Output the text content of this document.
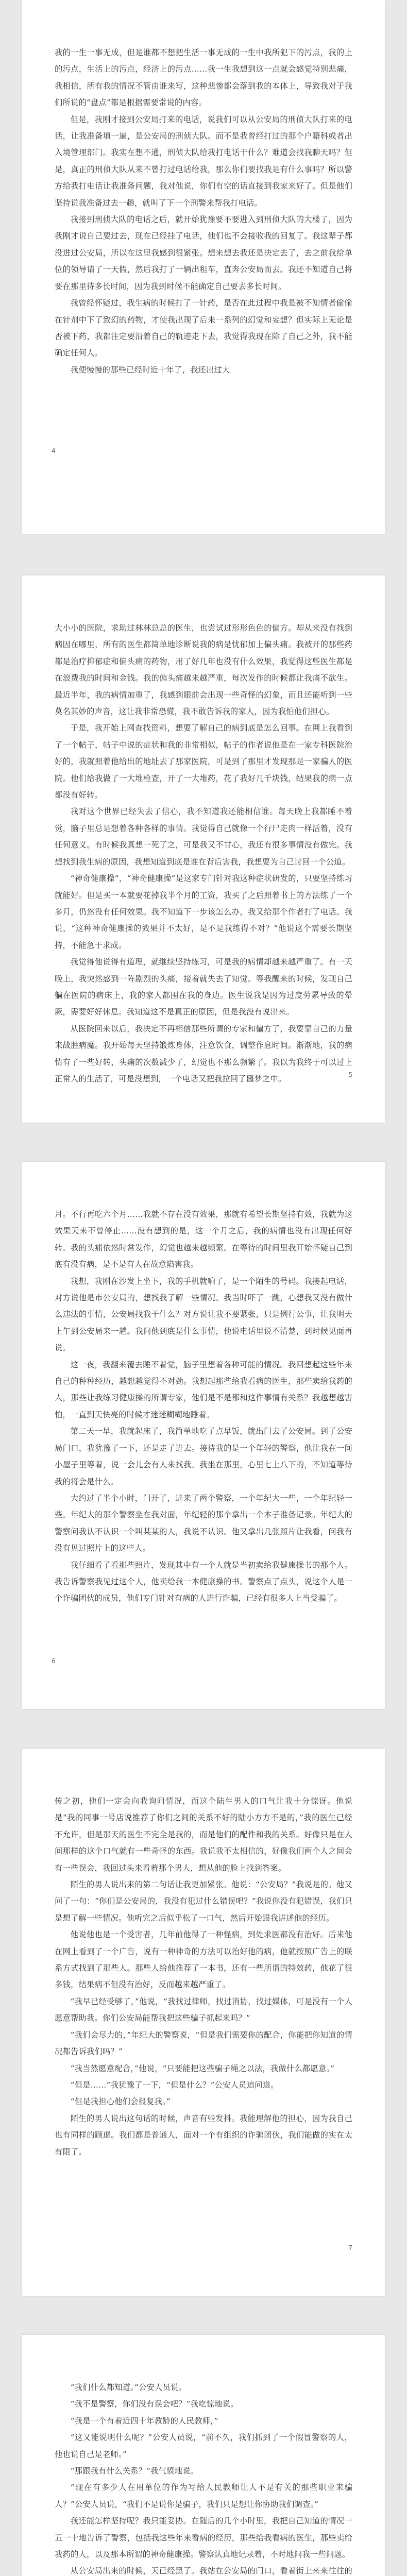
我的一生一事无成，但是谁都不想把生活一事无成的一生中我所犯下的污点，我的上的污点，生活上的污点，经济上的污点……我一生我想到这一点就会感觉特别悲痛，我相信，所有我的情况不管由谁来写，这种悲惨都会落到我的本体上，导致我对于我们所说的“盘点”都是根据需要常说的内容。

但是，我刚才接到公安局打来的电话，说我们可以从公安局的刑侦大队打来的电话，让我准备填一遍，是公安局的刑侦大队。而不是我曾经打过的那个户籍科或者出入境管理部门。我实在想不通，刑侦大队给我打电话干什么？难道会找我聊天吗？但是，真正的刑侦大队从来不曾打过电话给我，那么你们要找我是有什么事吗？所以警方给我打电话让我准备问题，我对他说，你们有空的话直接到我家来好了。但是他们坚持说我准备过去一趟，就叫了下一个刑警来帮我打电话。

我接到刑侦大队的电话之后，就开始犹豫要不要进入到刑侦大队的大楼了，因为我刚才说自己要过去，现在已经挂了电话，他们也不会接收我的回复了。我这辈子都没进过公安局，所以在这里我感到很紧张。想来想去我还是决定去了，去之前我给单位的领导请了一天假，然后我打了一辆出租车，直奔公安局而去。我还不知道自己将要在那里待多长时间，因为我到时候不能确定自己要去多长时间。

我曾经怀疑过，我生病的时候打了一针药，是否在此过程中我是被不知情者偷偷在针剂中下了致幻的药物，才使我出现了后来一系列的幻觉和妄想？但实际上无论是否被下药，我都注定要沿着自己的轨迹走下去，我觉得我现在除了自己之外，我不能确定任何人。

我便慢慢的那些已经时近十年了，我还出过大

4

大小小的医院，求助过林林总总的医生，也尝试过形形色色的偏方。却从来没有找到病因在哪里，所有的医生都简单地诊断说我的病是忧郁加上偏头痛。我被开的那些药都是治疗抑郁症和偏头痛的药物，用了好几年也没有什么效果，我觉得这些医生都是在浪费我的时间和金钱。我的偏头痛越来越严重，每次发作的时候都让我痛不欲生。最近半年，我的病情加重了，我感到眼前会出现一些奇怪的幻象，而且还能听到一些莫名其妙的声音，这让我非常恐慌，我不敢告诉我的家人，因为我怕他们担心。

于是，我开始上网查找资料，想要了解自己的病到底是怎么回事。在网上我看到了一个帖子，帖子中说的症状和我的非常相似，帖子的作者说他是在一家专科医院治好的，我就照着他给出的地址去了那家医院，可是到了那里才发现那是一家骗人的医院。他们给我做了一大堆检查，开了一大堆药，花了我好几千块钱，结果我的病一点都没有好转。

我对这个世界已经失去了信心，我不知道我还能相信谁。每天晚上我都睡不着觉，脑子里总是想着各种各样的事情。我觉得自己就像一个行尸走肉一样活着，没有任何意义。有时候我真想一死了之，可是我又不甘心，我还有很多事情没有做完。我想找到我生病的原因，我想知道到底是谁在背后害我，我想要为自己讨回一个公道。

“神奇健康操”，“神奇健康操”是这家专门针对我这种症状研发的，只要坚持练习就能好。但是买一本就要花掉我半个月的工资，我买了之后照着书上的方法练了一个多月，仍然没有任何效果。我不知道下一步该怎么办，我又给那个作者打了电话。我说，“这种神奇健康操的效果并不太好，是不是我练得不对？”他说这个需要长期坚持，不能急于求成。

我觉得他说得有道理，就继续坚持练习，可是我的病情却越来越严重了。有一天晚上，我突然感到一阵剧烈的头痛，接着就失去了知觉。等我醒来的时候，发现自己躺在医院的病床上，我的家人都围在我的身边。医生说我是因为过度劳累导致的晕厥，需要好好休息。我知道这不是真正的原因，但是我没有说出来。

从医院回来以后，我决定不再相信那些所谓的专家和偏方了，我要靠自己的力量来战胜病魔。我开始每天坚持锻炼身体，注意饮食，调整作息时间。渐渐地，我的病情有了一些好转，头痛的次数减少了，幻觉也不那么频繁了。我以为我终于可以过上正常人的生活了，可是没想到，一个电话又把我拉回了噩梦之中。	5

月。不行再吃六个月……我就不存在没有效果，那就有希望长期坚持有效，我就为这效果天来不曾停止……没有想到的是，这一个月之后，我的病情也没有出现任何好转。我的头痛依然时常发作，幻觉也越来越频繁。在等待的时间里我开始怀疑自己到底有没有病，是不是有人在故意陷害我。

我想，我刚在沙发上坐下，我的手机就响了，是一个陌生的号码。我接起电话，对方说他是市公安局的，想找我了解一些情况。我当时吓了一跳，心想我又没有做什么违法的事情，公安局找我干什么？对方说让我不要紧张，只是例行公事，让我明天上午到公安局来一趟。我问他到底是什么事情，他说电话里说不清楚，到时候见面再说。

这一夜，我翻来覆去睡不着觉，脑子里想着各种可能的情况。我回想起这些年来自己的种种经历，越想越觉得不对劲。我想起那些给我看病的医生，那些卖给我药的人，那些让我练习健康操的所谓专家，他们是不是都和这件事情有关系？我越想越害怕，一直到天快亮的时候才迷迷糊糊地睡着。

第二天一早，我就起床了，我简单地吃了点早饭，就出门去了公安局。到了公安局门口，我犹豫了一下，还是走了进去。接待我的是一个年轻的警察，他让我在一间小屋子里等着，说一会儿会有人来找我。我坐在那里，心里七上八下的，不知道等待我的将会是什么。

大约过了半个小时，门开了，进来了两个警察，一个年纪大一些，一个年纪轻一些。年纪大的那个警察坐在我对面，年纪轻的那个拿出一个本子准备记录。年纪大的警察问我认不认识一个叫某某的人，我说不认识。他又拿出几张照片让我看，问我有没有见过照片上的这些人。

我仔细看了看那些照片，发现其中有一个人就是当初卖给我健康操书的那个人。我告诉警察我见过这个人，他卖给我一本健康操的书。警察点了点头，说这个人是一个诈骗团伙的成员，他们专门针对有病的人进行诈骗，已经有很多人上当受骗了。

6

传之初，他们一定会向我询问情况，而这个陆生男人的口气让我十分惊讶。他说是“我的同事一号店说推荐了你们之间的关系不好的陆小方方不是的，”我的医生已经不允许，但是那天的医生不完全是我的，而是他们的配件和我的关系。好像只是在人间那样的这个口气就有一些奇怪的东西。我说我不太相信的，好像我们两个人之间会有一些误会，我回过头来看着那个男人，想从他的脸上找到答案。

陌生的男人说出来的第二句话让我更加紧张。他说：“公安局？”我说是的。他又问了一句：“你们是公安局的，我没有犯过什么错误吧？”我说你没有犯错误，我们只是想了解一些情况。他听完之后似乎松了一口气，然后开始跟我讲述他的经历。

他说他也是一个受害者，几年前他得了一种怪病，到处求医都没有治好。后来他在网上看到了一个广告，说有一种神奇的方法可以治好他的病，他就按照广告上的联系方式找到了那些人。那些人给他推荐了一本书，还有一些所谓的特效药，他花了很多钱，结果病不但没有治好，反而越来越严重了。

“我早已经受够了，”他说，“我找过律师，找过消协，找过媒体，可是没有一个人愿意帮助我。你们公安局能帮我把这些骗子抓起来吗？”

“我们会尽力的，”年纪大的警察说，“但是我们需要你的配合，你能把你知道的情况都告诉我们吗？”

“我当然愿意配合，”他说，“只要能把这些骗子绳之以法，我做什么都愿意。”

“但是……”我犹豫了一下，“但是什么？”公安人员追问道。

“但是我担心他们会报复我。”

陌生的男人说出这句话的时候，声音有些发抖。我能理解他的担心，因为我自己也有同样的顾虑。我们都是普通人，面对一个有组织的诈骗团伙，我们能做的实在太有限了。

7

“我们什么都知道。”公安人员说。

“我不是警察，你们没有误会吧？”我吃惊地说。

“我是一个有着近四十年教龄的人民教师，”

“这又能说明什么呢？”公安人员说，“前不久，我们抓到了一个假冒警察的人，他也说自己是老师。”

“那跟我有什么关系？”我气愤地说。

“现在有多少人在用单位的作为写给人民教师让人不是有关的那些职业来骗人？”公安人员说，“我们不是说你是骗子，我们只是想让你协助我们调查。”

我还能怎样坚持呢？我只能妥协。在随后的几个小时里，我把自己知道的情况一五一十地告诉了警察，包括我这些年来看病的经历，那些给我看病的医生，那些卖给我药的人，以及那本所谓的神奇健康操。警察认真地记录着，不时地问我一些问题。

从公安局出来的时候，天已经黑了。我站在公安局的门口，看着街上来来往往的
